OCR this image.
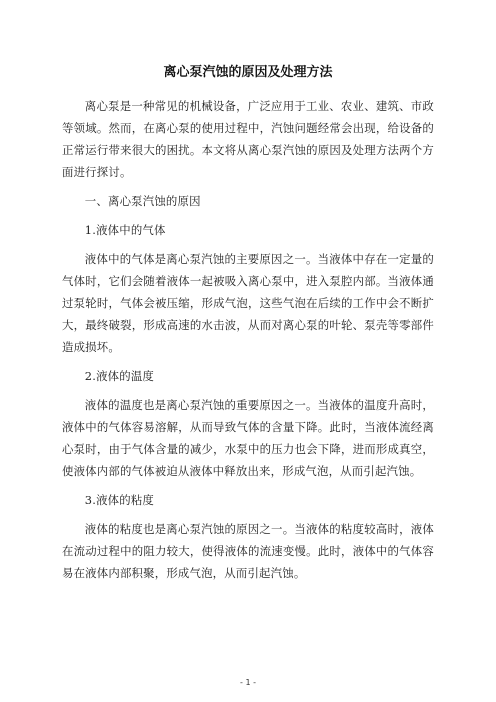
离心泵汽蚀的原因及处理方法

离心泵是一种常见的机械设备，广泛应用于工业、农业、建筑、市政等领域。然而，在离心泵的使用过程中，汽蚀问题经常会出现，给设备的正常运行带来很大的困扰。本文将从离心泵汽蚀的原因及处理方法两个方面进行探讨。

一、离心泵汽蚀的原因

1.液体中的气体

液体中的气体是离心泵汽蚀的主要原因之一。当液体中存在一定量的气体时，它们会随着液体一起被吸入离心泵中，进入泵腔内部。当液体通过泵轮时，气体会被压缩，形成气泡，这些气泡在后续的工作中会不断扩大，最终破裂，形成高速的水击波，从而对离心泵的叶轮、泵壳等零部件造成损坏。

2.液体的温度

液体的温度也是离心泵汽蚀的重要原因之一。当液体的温度升高时，液体中的气体容易溶解，从而导致气体的含量下降。此时，当液体流经离心泵时，由于气体含量的减少，水泵中的压力也会下降，进而形成真空，使液体内部的气体被迫从液体中释放出来，形成气泡，从而引起汽蚀。

3.液体的粘度

液体的粘度也是离心泵汽蚀的原因之一。当液体的粘度较高时，液体在流动过程中的阻力较大，使得液体的流速变慢。此时，液体中的气体容易在液体内部积聚，形成气泡，从而引起汽蚀。

- 1 -
